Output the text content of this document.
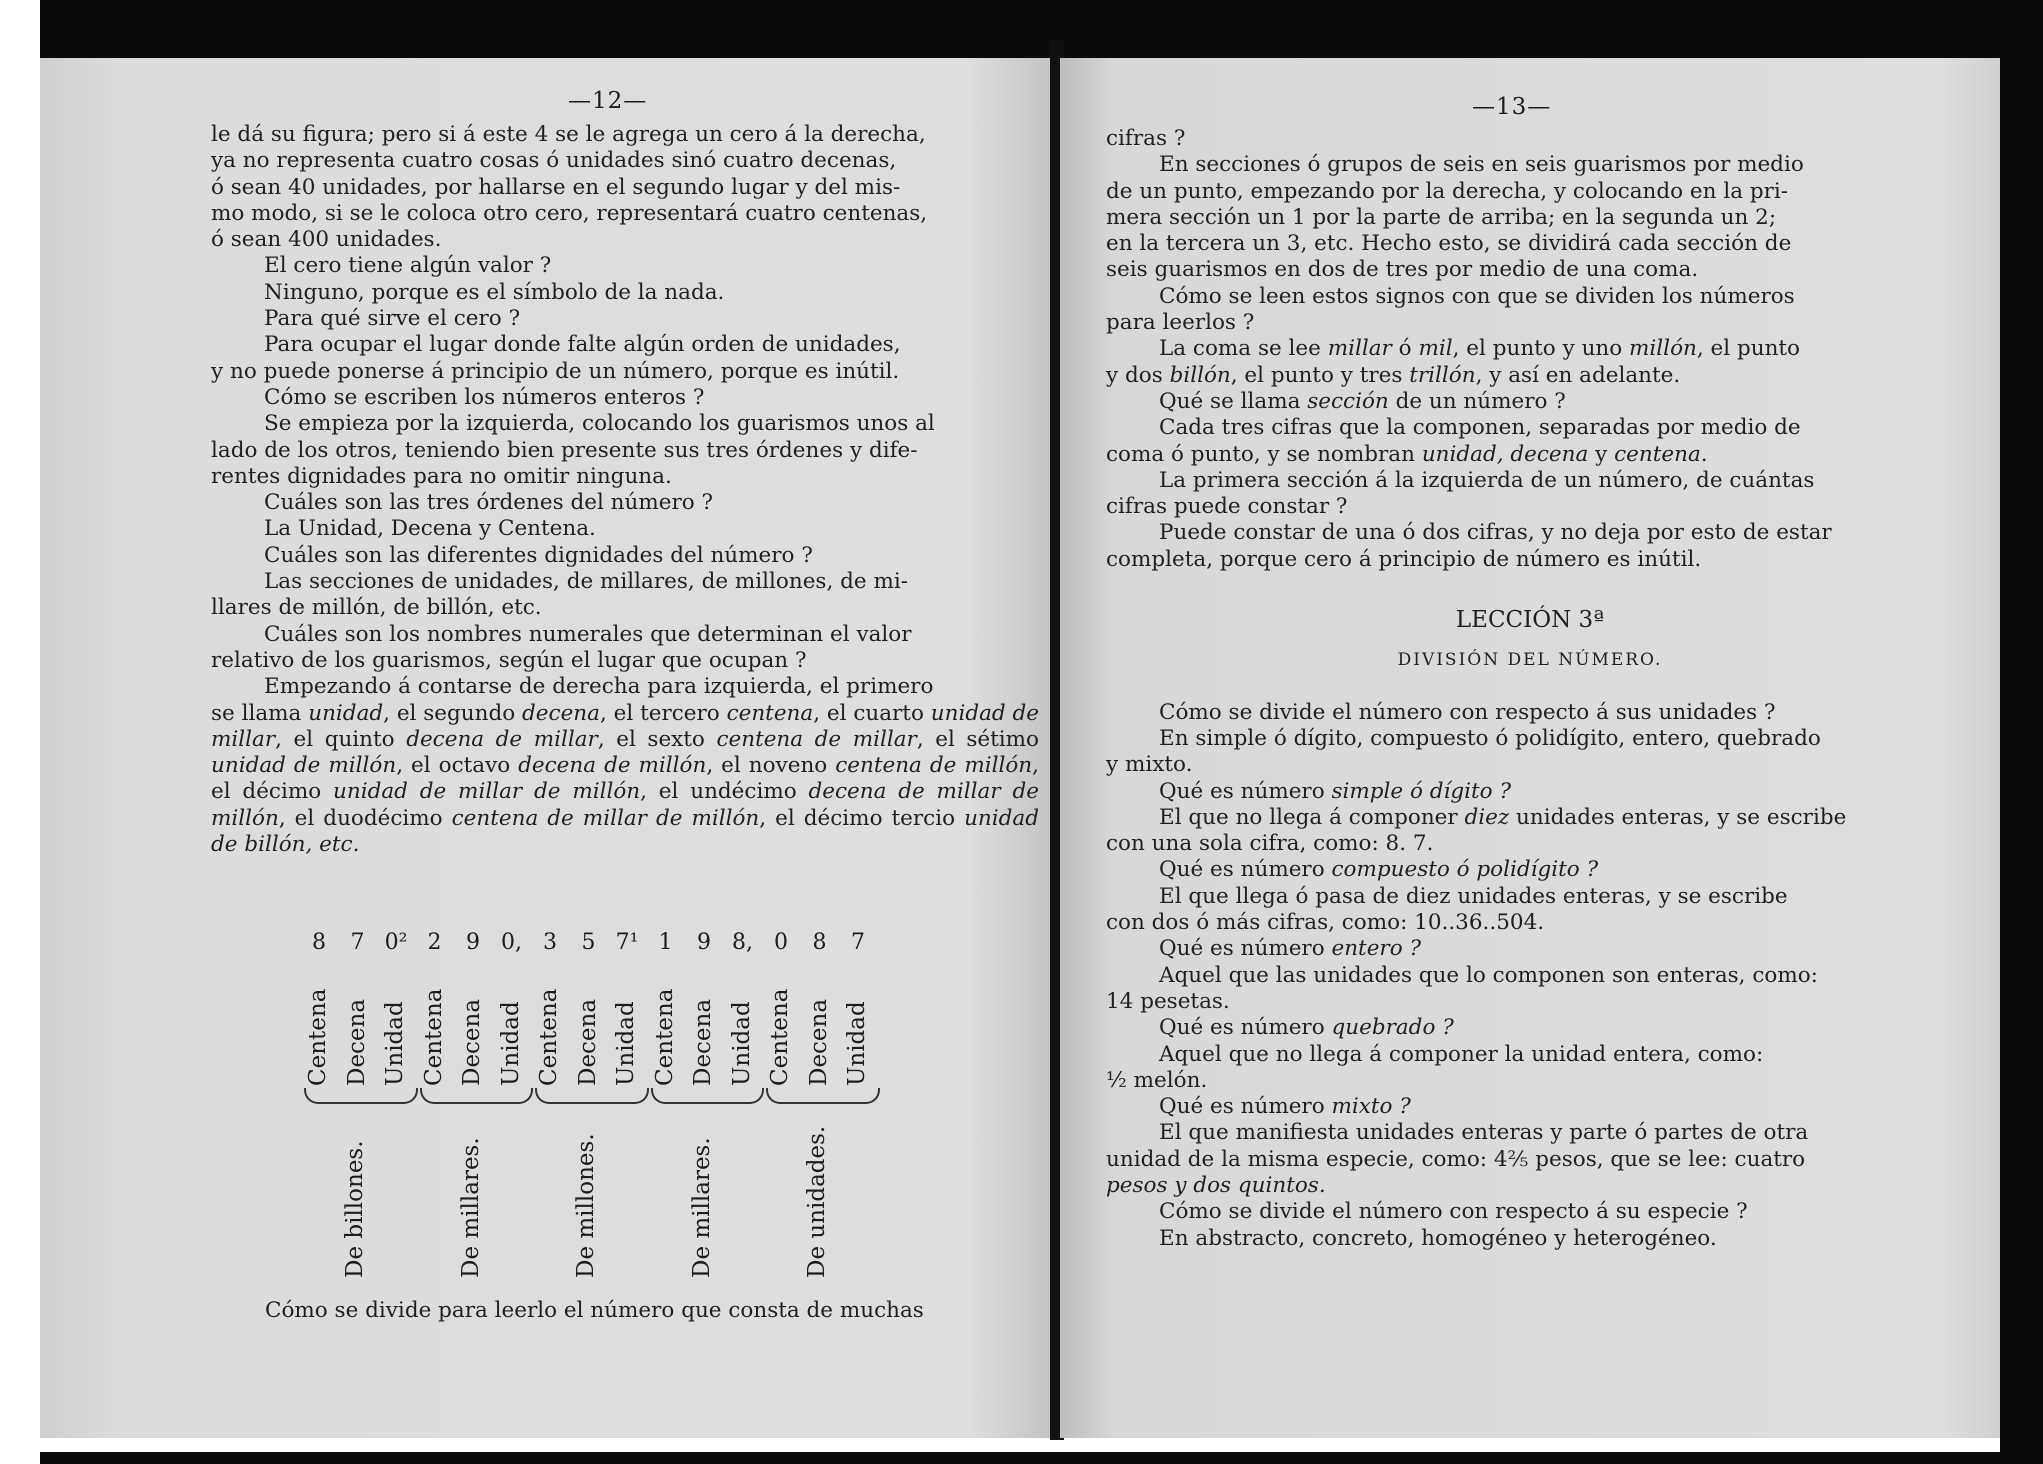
—12—

le dá su figura; pero si á este 4 se le agrega un cero á la derecha,

ya no representa cuatro cosas ó unidades sinó cuatro decenas,

ó sean 40 unidades, por hallarse en el segundo lugar y del mis-

mo modo, si se le coloca otro cero, representará cuatro centenas,

ó sean 400 unidades.

El cero tiene algún valor ?

Ninguno, porque es el símbolo de la nada.

Para qué sirve el cero ?

Para ocupar el lugar donde falte algún orden de unidades,

y no puede ponerse á principio de un número, porque es inútil.

Cómo se escriben los números enteros ?

Se empieza por la izquierda, colocando los guarismos unos al

lado de los otros, teniendo bien presente sus tres órdenes y dife-

rentes dignidades para no omitir ninguna.

Cuáles son las tres órdenes del número ?

La Unidad, Decena y Centena.

Cuáles son las diferentes dignidades del número ?

Las secciones de unidades, de millares, de millones, de mi-

llares de millón, de billón, etc.

Cuáles son los nombres numerales que determinan el valor

relativo de los guarismos, según el lugar que ocupan ?

Empezando á contarse de derecha para izquierda, el primero

se llama unidad, el segundo decena, el tercero centena, el cuarto unidad de millar, el quinto decena de millar, el sexto centena de millar, el sétimo unidad de millón, el octavo decena de millón, el noveno centena de millón, el décimo unidad de millar de millón, el undécimo decena de millar de millón, el duodécimo centena de millar de millón, el décimo tercio unidad de billón, etc.

8	7 0² 2	9 0, 3	5 7¹ 1	9 8, 0	8	7
Centena Decena Unidad Centena Decena Unidad Centena Decena Unidad Centena Decena Unidad Centena Decena Unidad
De billones.	De millares.	De millones.	De millares.	De unidades.
Cómo se divide para leerlo el número que consta de muchas
—13—

cifras ?

En secciones ó grupos de seis en seis guarismos por medio

de un punto, empezando por la derecha, y colocando en la pri-

mera sección un 1 por la parte de arriba; en la segunda un 2;

en la tercera un 3, etc. Hecho esto, se dividirá cada sección de

seis guarismos en dos de tres por medio de una coma.

Cómo se leen estos signos con que se dividen los números

para leerlos ?

La coma se lee millar ó mil, el punto y uno millón, el punto

y dos billón, el punto y tres trillón, y así en adelante.

Qué se llama sección de un número ?

Cada tres cifras que la componen, separadas por medio de

coma ó punto, y se nombran unidad, decena y centena.

La primera sección á la izquierda de un número, de cuántas

cifras puede constar ?

Puede constar de una ó dos cifras, y no deja por esto de estar

completa, porque cero á principio de número es inútil.

LECCIÓN 3ª

DIVISIÓN DEL NÚMERO.

Cómo se divide el número con respecto á sus unidades ?

En simple ó dígito, compuesto ó polidígito, entero, quebrado

y mixto.

Qué es número simple ó dígito ?

El que no llega á componer diez unidades enteras, y se escribe

con una sola cifra, como: 8. 7.

Qué es número compuesto ó polidígito ?

El que llega ó pasa de diez unidades enteras, y se escribe

con dos ó más cifras, como: 10..36..504.

Qué es número entero ?

Aquel que las unidades que lo componen son enteras, como:

14 pesetas.

Qué es número quebrado ?

Aquel que no llega á componer la unidad entera, como:

½ melón.

Qué es número mixto ?

El que manifiesta unidades enteras y parte ó partes de otra

unidad de la misma especie, como: 4⅖ pesos, que se lee: cuatro

pesos y dos quintos.

Cómo se divide el número con respecto á su especie ?

En abstracto, concreto, homogéneo y heterogéneo.
